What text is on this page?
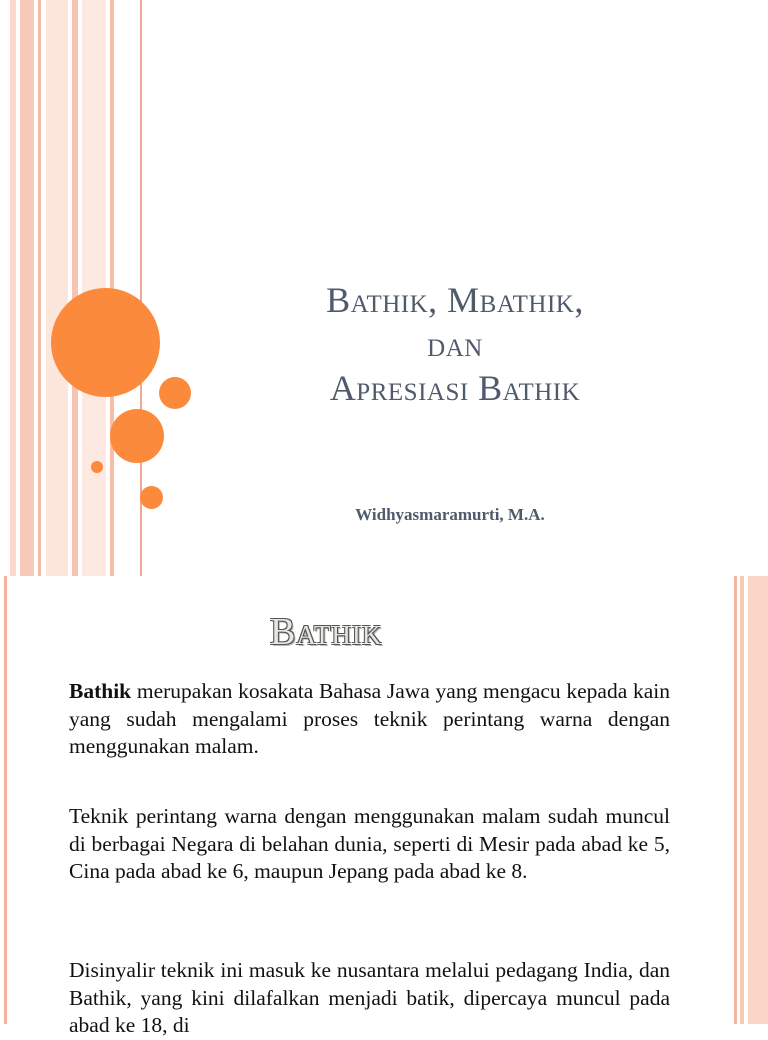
Bathik, Mbathik,
dan
Apresiasi Bathik
Widhyasmaramurti, M.A.
Bathik

Bathik merupakan kosakata Bahasa Jawa yang mengacu kepada kain yang sudah mengalami proses teknik perintang warna dengan menggunakan malam.

Teknik perintang warna dengan menggunakan malam sudah muncul di berbagai Negara di belahan dunia, seperti di Mesir pada abad ke 5, Cina pada abad ke 6, maupun Jepang pada abad ke 8.

Disinyalir teknik ini masuk ke nusantara melalui pedagang India, dan Bathik, yang kini dilafalkan menjadi batik, dipercaya muncul pada abad ke 18, di
